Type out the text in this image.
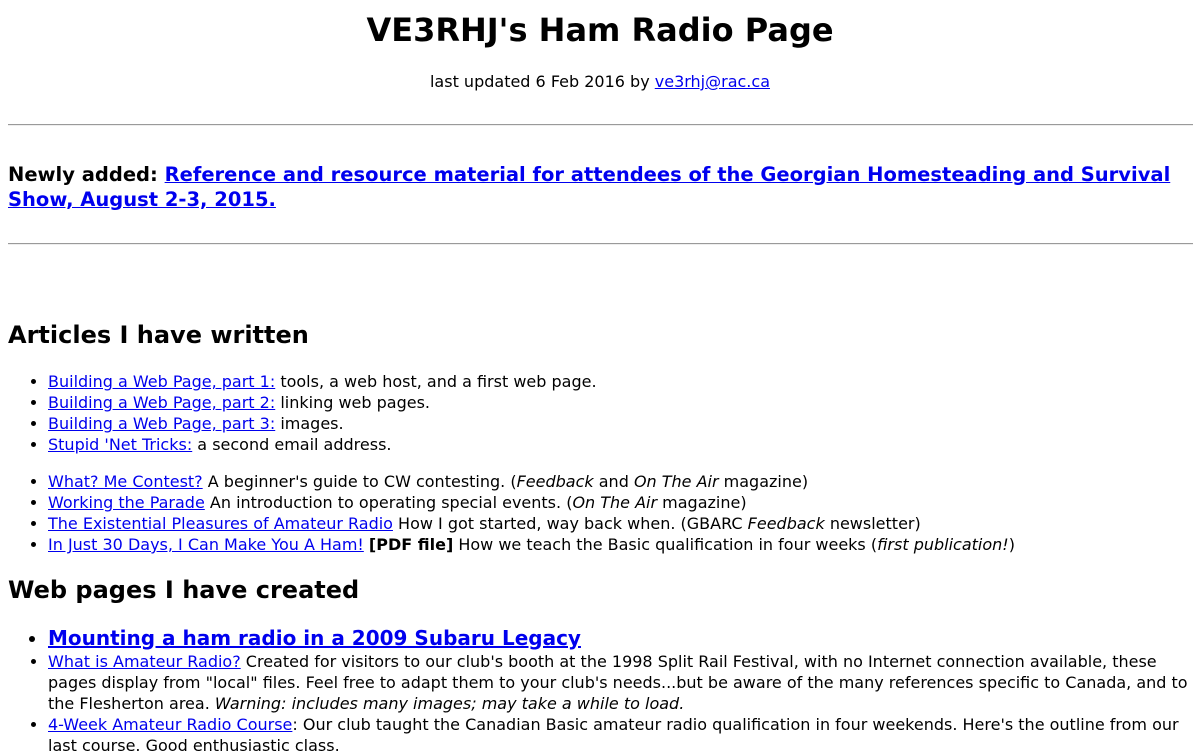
VE3RHJ's Ham Radio Page
last updated 6 Feb 2016 by ve3rhj@rac.ca
Newly added: Reference and resource material for attendees of the Georgian Homesteading and Survival Show, August 2-3, 2015.
Articles I have written
• Building a Web Page, part 1: tools, a web host, and a first web page.
• Building a Web Page, part 2: linking web pages.
• Building a Web Page, part 3: images.
• Stupid 'Net Tricks: a second email address.
• What? Me Contest? A beginner's guide to CW contesting. (Feedback and On The Air magazine)
• Working the Parade An introduction to operating special events. (On The Air magazine)
• The Existential Pleasures of Amateur Radio How I got started, way back when. (GBARC Feedback newsletter)
• In Just 30 Days, I Can Make You A Ham! [PDF file] How we teach the Basic qualification in four weeks (first publication!)
Web pages I have created
• Mounting a ham radio in a 2009 Subaru Legacy
• What is Amateur Radio? Created for visitors to our club's booth at the 1998 Split Rail Festival, with no Internet connection available, these pages display from "local" files. Feel free to adapt them to your club's needs...but be aware of the many references specific to Canada, and to the Flesherton area. Warning: includes many images; may take a while to load.
• 4-Week Amateur Radio Course: Our club taught the Canadian Basic amateur radio qualification in four weekends. Here's the outline from our last course. Good enthusiastic class.
